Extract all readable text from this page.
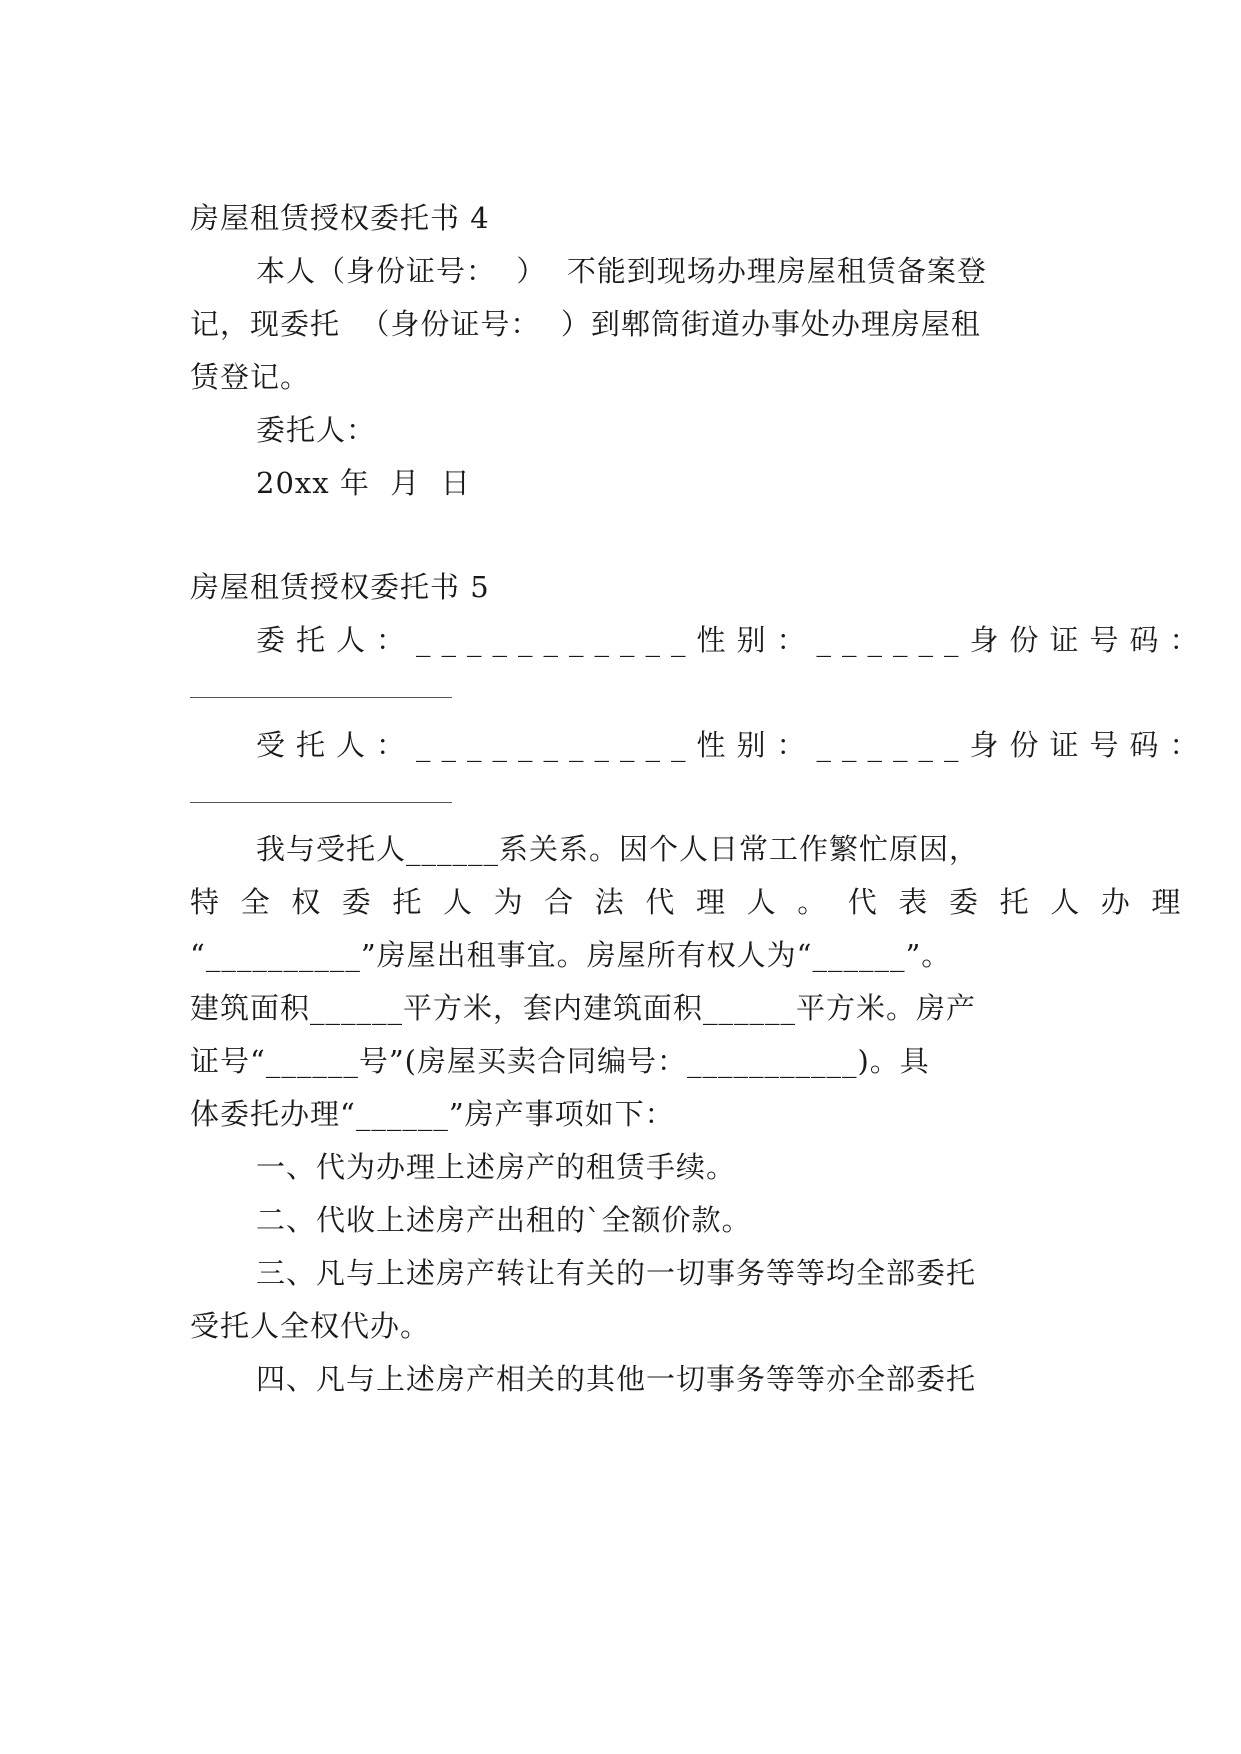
房屋租赁授权委托书 4
本人（身份证号：  ）  不能到现场办理房屋租赁备案登
记，现委托  （身份证号：  ）到郫筒街道办事处办理房屋租
赁登记。
委托人：
20xx 年  月  日
房屋租赁授权委托书 5
委托人：___________性别：______身份证号码：
受托人：___________性别：______身份证号码：
我与受托人______系关系。因个人日常工作繁忙原因，
特全权委托人为合法代理人。代表委托人办理
“__________”房屋出租事宜。房屋所有权人为“______”。
建筑面积______平方米，套内建筑面积______平方米。房产
证号“______号”(房屋买卖合同编号：___________)。具
体委托办理“______”房产事项如下：
一、代为办理上述房产的租赁手续。
二、代收上述房产出租的`全额价款。
三、凡与上述房产转让有关的一切事务等等均全部委托
受托人全权代办。
四、凡与上述房产相关的其他一切事务等等亦全部委托
